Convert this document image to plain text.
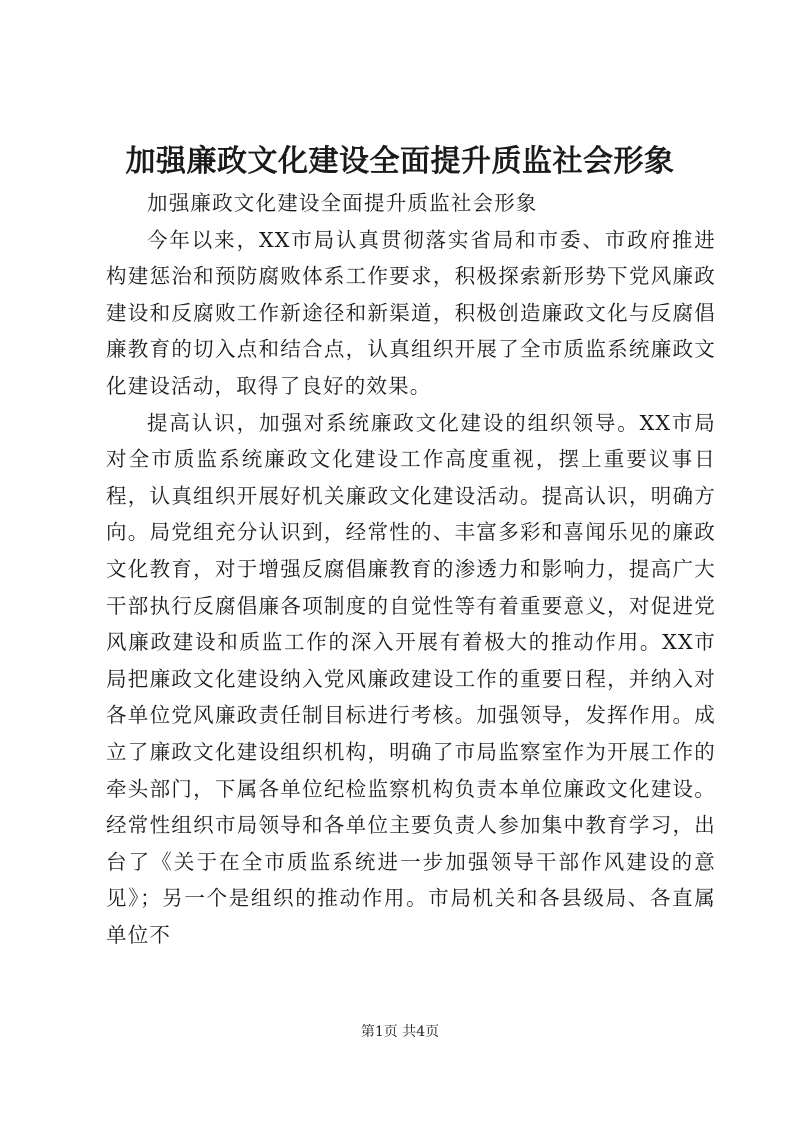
加强廉政文化建设全面提升质监社会形象

加强廉政文化建设全面提升质监社会形象

今年以来，XX市局认真贯彻落实省局和市委、市政府推进构建惩治和预防腐败体系工作要求，积极探索新形势下党风廉政建设和反腐败工作新途径和新渠道，积极创造廉政文化与反腐倡廉教育的切入点和结合点，认真组织开展了全市质监系统廉政文化建设活动，取得了良好的效果。

提高认识，加强对系统廉政文化建设的组织领导。XX市局对全市质监系统廉政文化建设工作高度重视，摆上重要议事日程，认真组织开展好机关廉政文化建设活动。提高认识，明确方向。局党组充分认识到，经常性的、丰富多彩和喜闻乐见的廉政文化教育，对于增强反腐倡廉教育的渗透力和影响力，提高广大干部执行反腐倡廉各项制度的自觉性等有着重要意义，对促进党风廉政建设和质监工作的深入开展有着极大的推动作用。XX市局把廉政文化建设纳入党风廉政建设工作的重要日程，并纳入对各单位党风廉政责任制目标进行考核。加强领导，发挥作用。成立了廉政文化建设组织机构，明确了市局监察室作为开展工作的牵头部门，下属各单位纪检监察机构负责本单位廉政文化建设。经常性组织市局领导和各单位主要负责人参加集中教育学习，出台了《关于在全市质监系统进一步加强领导干部作风建设的意见》；另一个是组织的推动作用。市局机关和各县级局、各直属单位不

第1页 共4页
